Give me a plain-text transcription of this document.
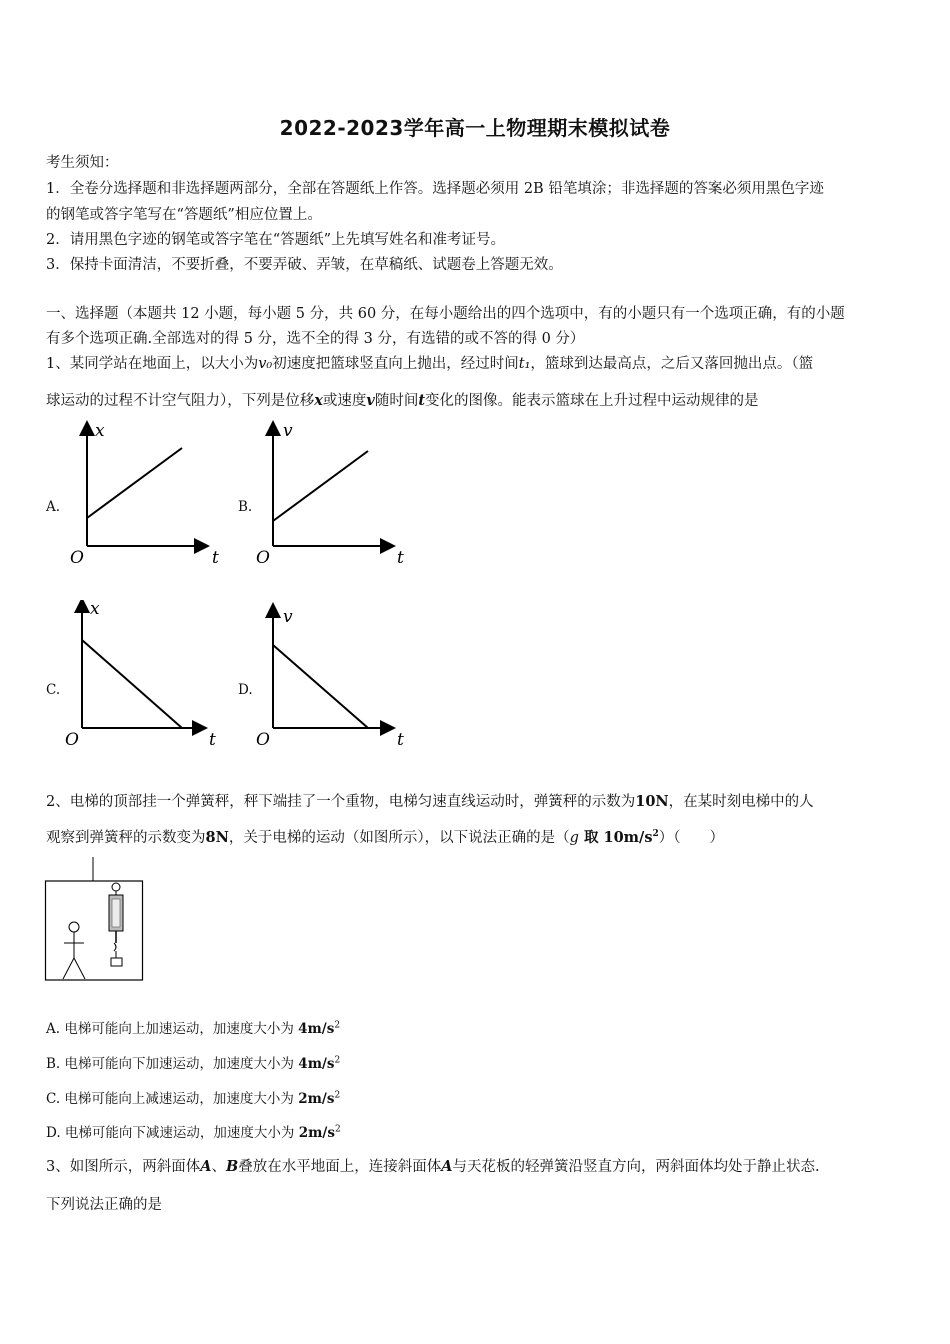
2022-2023学年高一上物理期末模拟试卷
考生须知：
1．全卷分选择题和非选择题两部分，全部在答题纸上作答。选择题必须用 2B 铅笔填涂；非选择题的答案必须用黑色字迹
的钢笔或答字笔写在“答题纸”相应位置上。
2．请用黑色字迹的钢笔或答字笔在“答题纸”上先填写姓名和准考证号。
3．保持卡面清洁，不要折叠，不要弄破、弄皱，在草稿纸、试题卷上答题无效。
一、选择题（本题共 12 小题，每小题 5 分，共 60 分，在每小题给出的四个选项中，有的小题只有一个选项正确，有的小题
有多个选项正确.全部选对的得 5 分，选不全的得 3 分，有选错的或不答的得 0 分）
1、某同学站在地面上，以大小为v₀初速度把篮球竖直向上抛出，经过时间t₁，篮球到达最高点，之后又落回抛出点。（篮
球运动的过程不计空气阻力），下列是位移x或速度v随时间t变化的图像。能表示篮球在上升过程中运动规律的是
A.	B.
C.	D.
x
t
O
v
t
O
x
t
O
v
t
O
2、电梯的顶部挂一个弹簧秤，秤下端挂了一个重物，电梯匀速直线运动时，弹簧秤的示数为10N，在某时刻电梯中的人
观察到弹簧秤的示数变为8N，关于电梯的运动（如图所示），以下说法正确的是（g 取 $10m/s^2$）（　　）
A. 电梯可能向上加速运动，加速度大小为 $4m/s^2$
B. 电梯可能向下加速运动，加速度大小为 $4m/s^2$
C. 电梯可能向上减速运动，加速度大小为 $2m/s^2$
D. 电梯可能向下减速运动，加速度大小为 $2m/s^2$
3、如图所示，两斜面体A、B叠放在水平地面上，连接斜面体A与天花板的轻弹簧沿竖直方向，两斜面体均处于静止状态.
下列说法正确的是
